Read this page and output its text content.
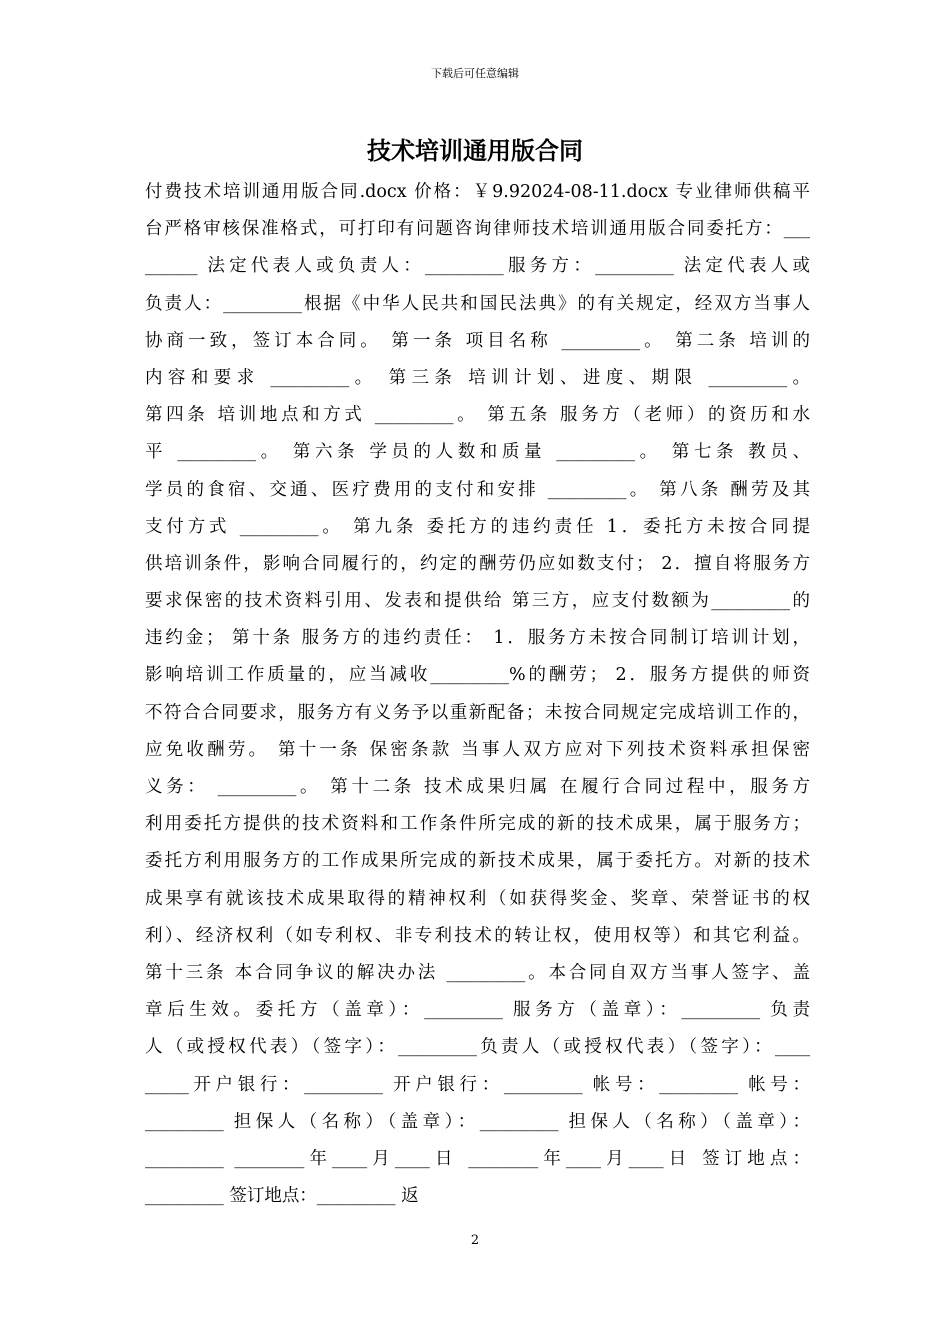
下载后可任意编辑
技术培训通用版合同
付费技术培训通用版合同.docx 价格：￥9.92024-08-11.docx 专业律师供稿平
台严格审核保准格式，可打印有问题咨询律师技术培训通用版合同委托方：___
______ 法定代表人或负责人：_________服务方：_________ 法定代表人或
负责人：_________根据《中华人民共和国民法典》的有关规定，经双方当事人
协商一致，签订本合同。 第一条 项目名称 _________。 第二条 培训的
内容和要求 _________。 第三条 培训计划、进度、期限 _________。
第四条 培训地点和方式 _________。 第五条 服务方（老师）的资历和水
平 _________。 第六条 学员的人数和质量 _________。 第七条 教员、
学员的食宿、交通、医疗费用的支付和安排 _________。 第八条 酬劳及其
支付方式 _________。 第九条 委托方的违约责任 1．委托方未按合同提
供培训条件，影响合同履行的，约定的酬劳仍应如数支付； 2．擅自将服务方
要求保密的技术资料引用、发表和提供给 第三方，应支付数额为_________的
违约金； 第十条 服务方的违约责任： 1．服务方未按合同制订培训计划，
影响培训工作质量的，应当减收_________%的酬劳； 2．服务方提供的师资
不符合合同要求，服务方有义务予以重新配备；未按合同规定完成培训工作的，
应免收酬劳。 第十一条 保密条款 当事人双方应对下列技术资料承担保密
义务： _________。 第十二条 技术成果归属 在履行合同过程中，服务方
利用委托方提供的技术资料和工作条件所完成的新的技术成果，属于服务方；
委托方利用服务方的工作成果所完成的新技术成果，属于委托方。对新的技术
成果享有就该技术成果取得的精神权利（如获得奖金、奖章、荣誉证书的权
利）、经济权利（如专利权、非专利技术的转让权，使用权等）和其它利益。
第十三条 本合同争议的解决办法 _________。本合同自双方当事人签字、盖
章后生效。委托方（盖章）：_________ 服务方（盖章）：_________ 负责
人（或授权代表）（签字）：_________负责人（或授权代表）（签字）：____
_____开户银行：_________ 开户银行：_________ 帐号：_________ 帐号：
_________ 担保人（名称）（盖章）：_________ 担保人（名称）（盖章）：
_________ ________年____月____日 ________年____月____日 签订地点：
_________ 签订地点：_________ 返
2
